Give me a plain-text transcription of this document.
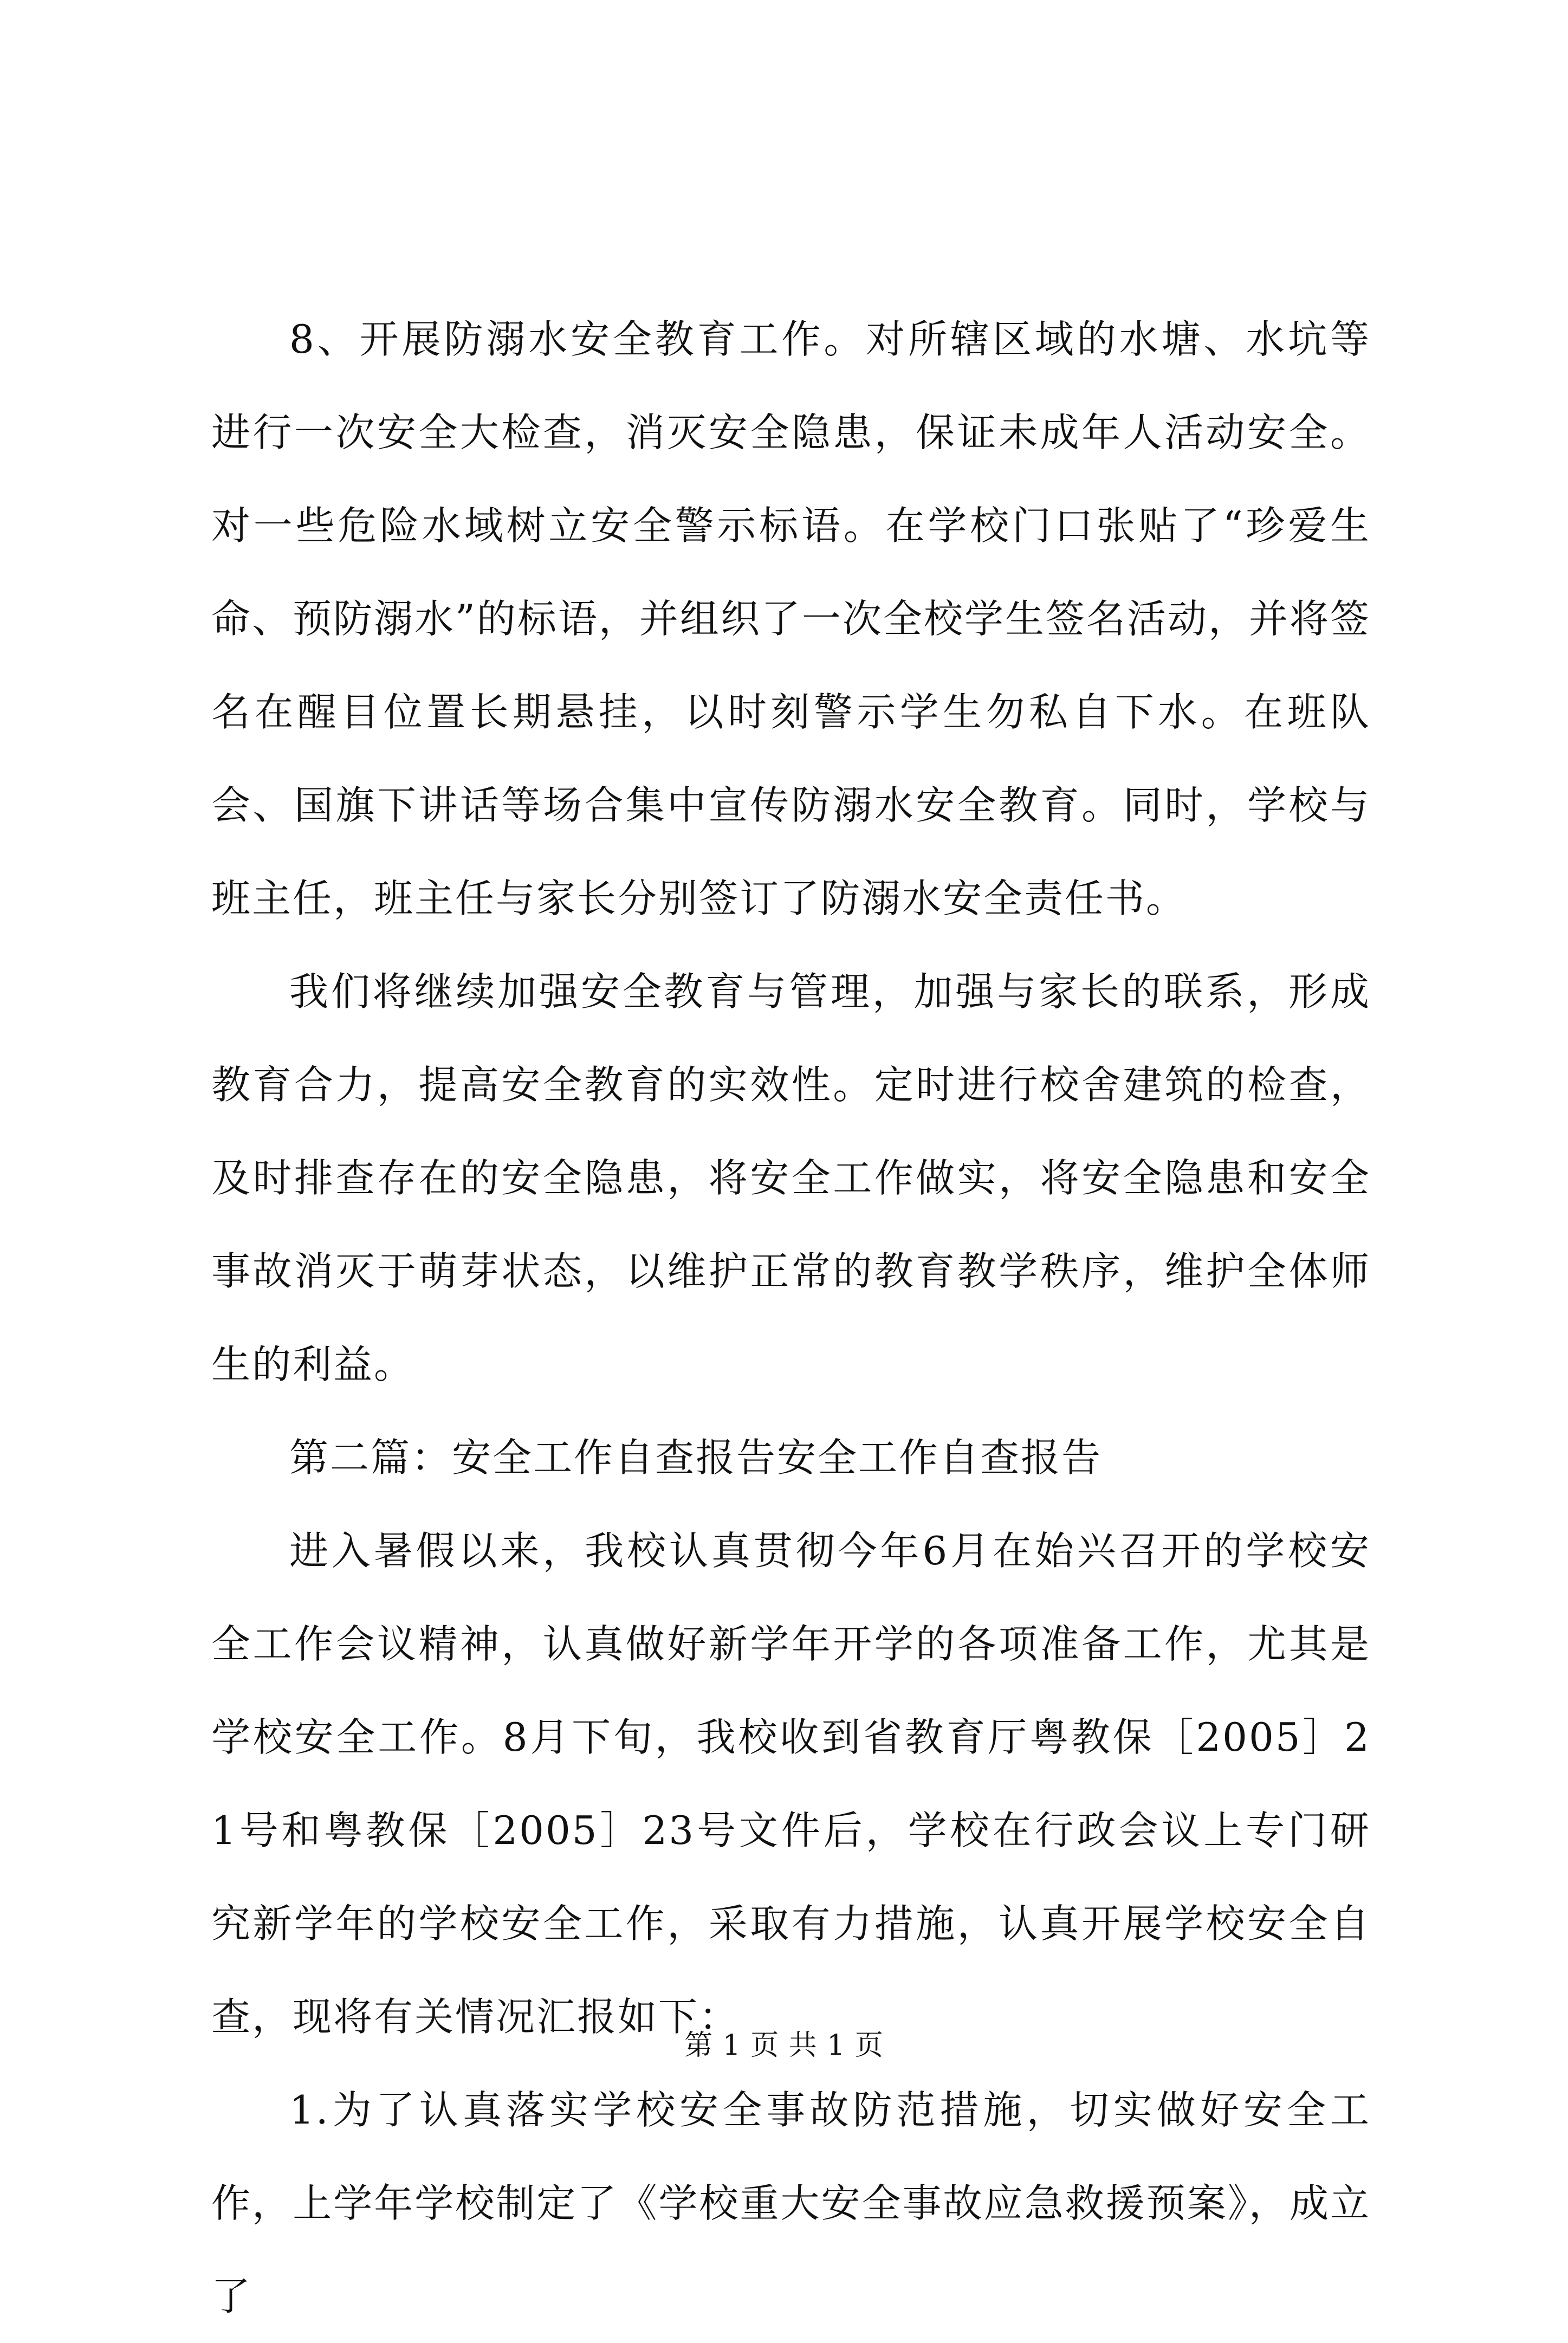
8、开展防溺水安全教育工作。对所辖区域的水塘、水坑等进行一次安全大检查，消灭安全隐患，保证未成年人活动安全。对一些危险水域树立安全警示标语。在学校门口张贴了“珍爱生命、预防溺水”的标语，并组织了一次全校学生签名活动，并将签名在醒目位置长期悬挂，以时刻警示学生勿私自下水。在班队会、国旗下讲话等场合集中宣传防溺水安全教育。同时，学校与班主任，班主任与家长分别签订了防溺水安全责任书。

我们将继续加强安全教育与管理，加强与家长的联系，形成教育合力，提高安全教育的实效性。定时进行校舍建筑的检查，及时排查存在的安全隐患，将安全工作做实，将安全隐患和安全事故消灭于萌芽状态，以维护正常的教育教学秩序，维护全体师生的利益。

第二篇：安全工作自查报告安全工作自查报告

进入暑假以来，我校认真贯彻今年6月在始兴召开的学校安全工作会议精神，认真做好新学年开学的各项准备工作，尤其是学校安全工作。8月下旬，我校收到省教育厅粤教保［2005］21号和粤教保［2005］23号文件后，学校在行政会议上专门研究新学年的学校安全工作，采取有力措施，认真开展学校安全自查，现将有关情况汇报如下：

1.为了认真落实学校安全事故防范措施，切实做好安全工作，上学年学校制定了《学校重大安全事故应急救援预案》，成立了

第 1 页 共 1 页
